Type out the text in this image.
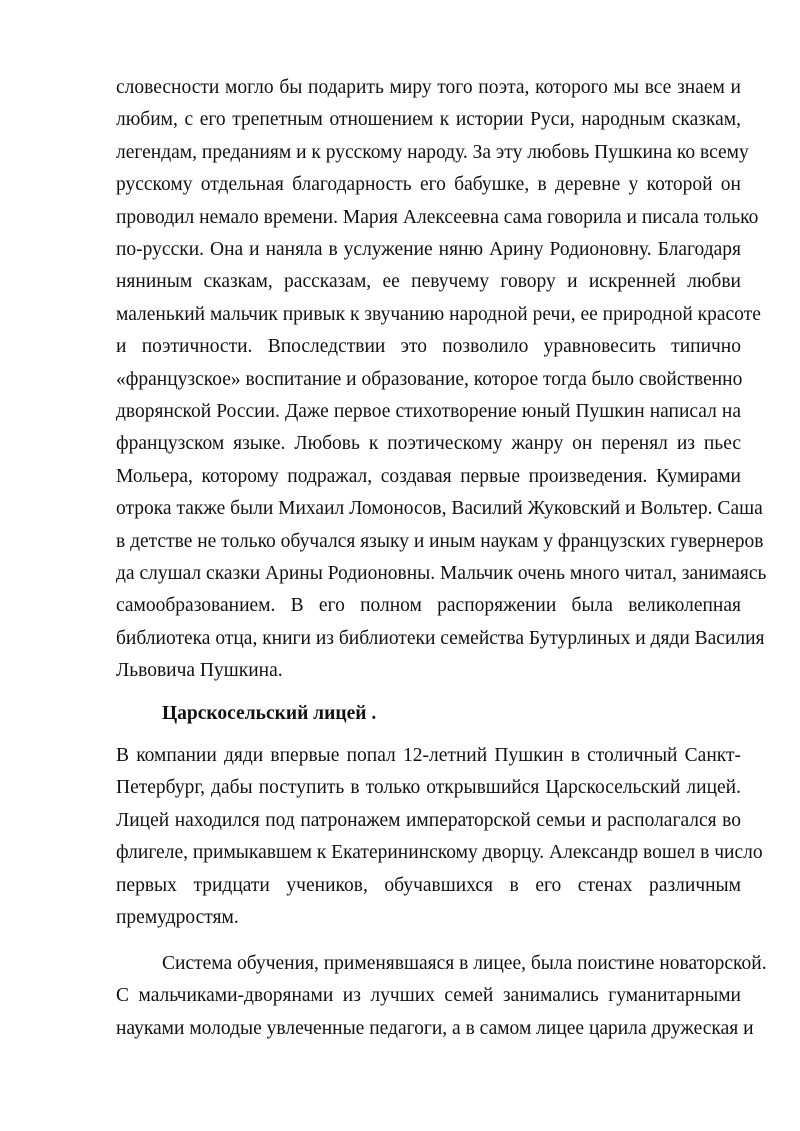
словесности могло бы подарить миру того поэта, которого мы все знаем и
любим, с его трепетным отношением к истории Руси, народным сказкам,
легендам, преданиям и к русскому народу. За эту любовь Пушкина ко всему
русскому отдельная благодарность его бабушке, в деревне у которой он
проводил немало времени. Мария Алексеевна сама говорила и писала только
по-русски. Она и наняла в услужение няню Арину Родионовну. Благодаря
няниным сказкам, рассказам, ее певучему говору и искренней любви
маленький мальчик привык к звучанию народной речи, ее природной красоте
и поэтичности. Впоследствии это позволило уравновесить типично
«французское» воспитание и образование, которое тогда было свойственно
дворянской России. Даже первое стихотворение юный Пушкин написал на
французском языке. Любовь к поэтическому жанру он перенял из пьес
Мольера, которому подражал, создавая первые произведения. Кумирами
отрока также были Михаил Ломоносов, Василий Жуковский и Вольтер. Саша
в детстве не только обучался языку и иным наукам у французских гувернеров
да слушал сказки Арины Родионовны. Мальчик очень много читал, занимаясь
самообразованием. В его полном распоряжении была великолепная
библиотека отца, книги из библиотеки семейства Бутурлиных и дяди Василия
Львовича Пушкина.
Царскосельский лицей .
В компании дяди впервые попал 12-летний Пушкин в столичный Санкт-
Петербург, дабы поступить в только открывшийся Царскосельский лицей.
Лицей находился под патронажем императорской семьи и располагался во
флигеле, примыкавшем к Екатерининскому дворцу. Александр вошел в число
первых тридцати учеников, обучавшихся в его стенах различным
премудростям.
Система обучения, применявшаяся в лицее, была поистине новаторской.
С мальчиками-дворянами из лучших семей занимались гуманитарными
науками молодые увлеченные педагоги, а в самом лицее царила дружеская и
